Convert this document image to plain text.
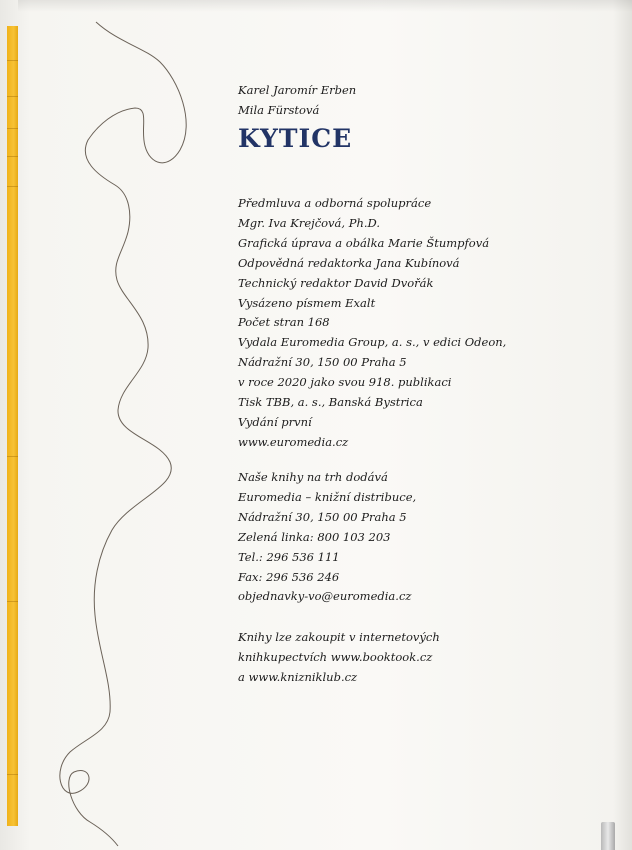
Karel Jaromír Erben
Mila Fürstová
KYTICE
Předmluva a odborná spolupráce
Mgr. Iva Krejčová, Ph.D.
Grafická úprava a obálka Marie Štumpfová
Odpovědná redaktorka Jana Kubínová
Technický redaktor David Dvořák
Vysázeno písmem Exalt
Počet stran 168
Vydala Euromedia Group, a. s., v edici Odeon,
Nádražní 30, 150 00 Praha 5
v roce 2020 jako svou 918. publikaci
Tisk TBB, a. s., Banská Bystrica
Vydání první
www.euromedia.cz
Naše knihy na trh dodává
Euromedia – knižní distribuce,
Nádražní 30, 150 00 Praha 5
Zelená linka: 800 103 203
Tel.: 296 536 111
Fax: 296 536 246
objednavky-vo@euromedia.cz
Knihy lze zakoupit v internetových
knihkupectvích www.booktook.cz
a www.knizniklub.cz
